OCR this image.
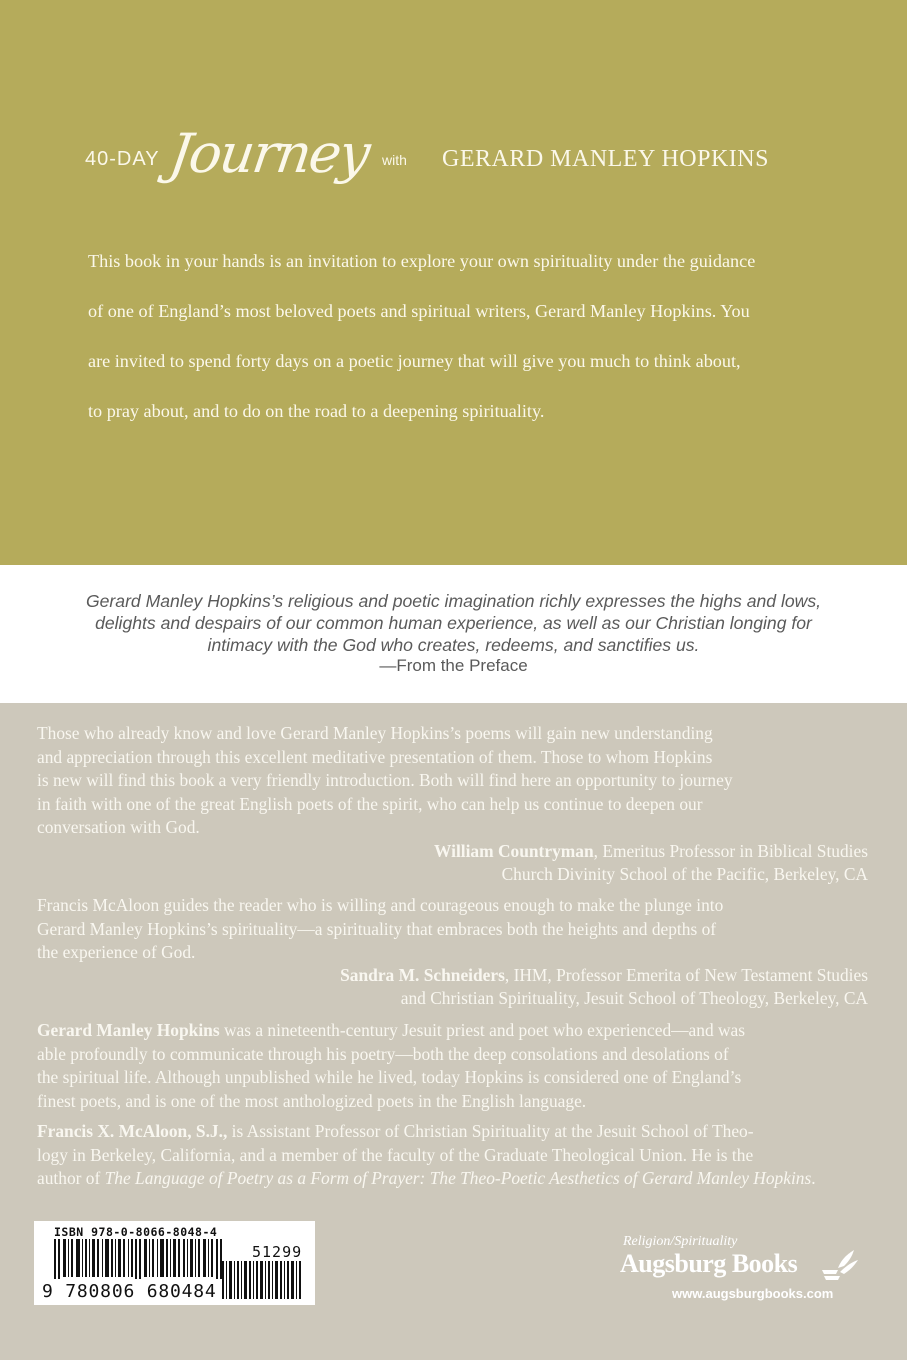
40-DAY Journey with GERARD MANLEY HOPKINS
This book in your hands is an invitation to explore your own spirituality under the guidance
of one of England’s most beloved poets and spiritual writers, Gerard Manley Hopkins. You
are invited to spend forty days on a poetic journey that will give you much to think about,
to pray about, and to do on the road to a deepening spirituality.
Gerard Manley Hopkins’s religious and poetic imagination richly expresses the highs and lows,
delights and despairs of our common human experience, as well as our Christian longing for
intimacy with the God who creates, redeems, and sanctifies us.
—From the Preface
Those who already know and love Gerard Manley Hopkins’s poems will gain new understanding
and appreciation through this excellent meditative presentation of them. Those to whom Hopkins
is new will find this book a very friendly introduction. Both will find here an opportunity to journey
in faith with one of the great English poets of the spirit, who can help us continue to deepen our
conversation with God.
William Countryman, Emeritus Professor in Biblical Studies
Church Divinity School of the Pacific, Berkeley, CA
Francis McAloon guides the reader who is willing and courageous enough to make the plunge into
Gerard Manley Hopkins’s spirituality—a spirituality that embraces both the heights and depths of
the experience of God.
Sandra M. Schneiders, IHM, Professor Emerita of New Testament Studies
and Christian Spirituality, Jesuit School of Theology, Berkeley, CA
Gerard Manley Hopkins was a nineteenth-century Jesuit priest and poet who experienced—and was
able profoundly to communicate through his poetry—both the deep consolations and desolations of
the spiritual life. Although unpublished while he lived, today Hopkins is considered one of England’s
finest poets, and is one of the most anthologized poets in the English language.
Francis X. McAloon, S.J., is Assistant Professor of Christian Spirituality at the Jesuit School of Theo-
logy in Berkeley, California, and a member of the faculty of the Graduate Theological Union. He is the
author of The Language of Poetry as a Form of Prayer: The Theo-Poetic Aesthetics of Gerard Manley Hopkins.
ISBN 978-0-8066-8048-4
51299
9 780806 680484
Religion/Spirituality
Augsburg Books
www.augsburgbooks.com
